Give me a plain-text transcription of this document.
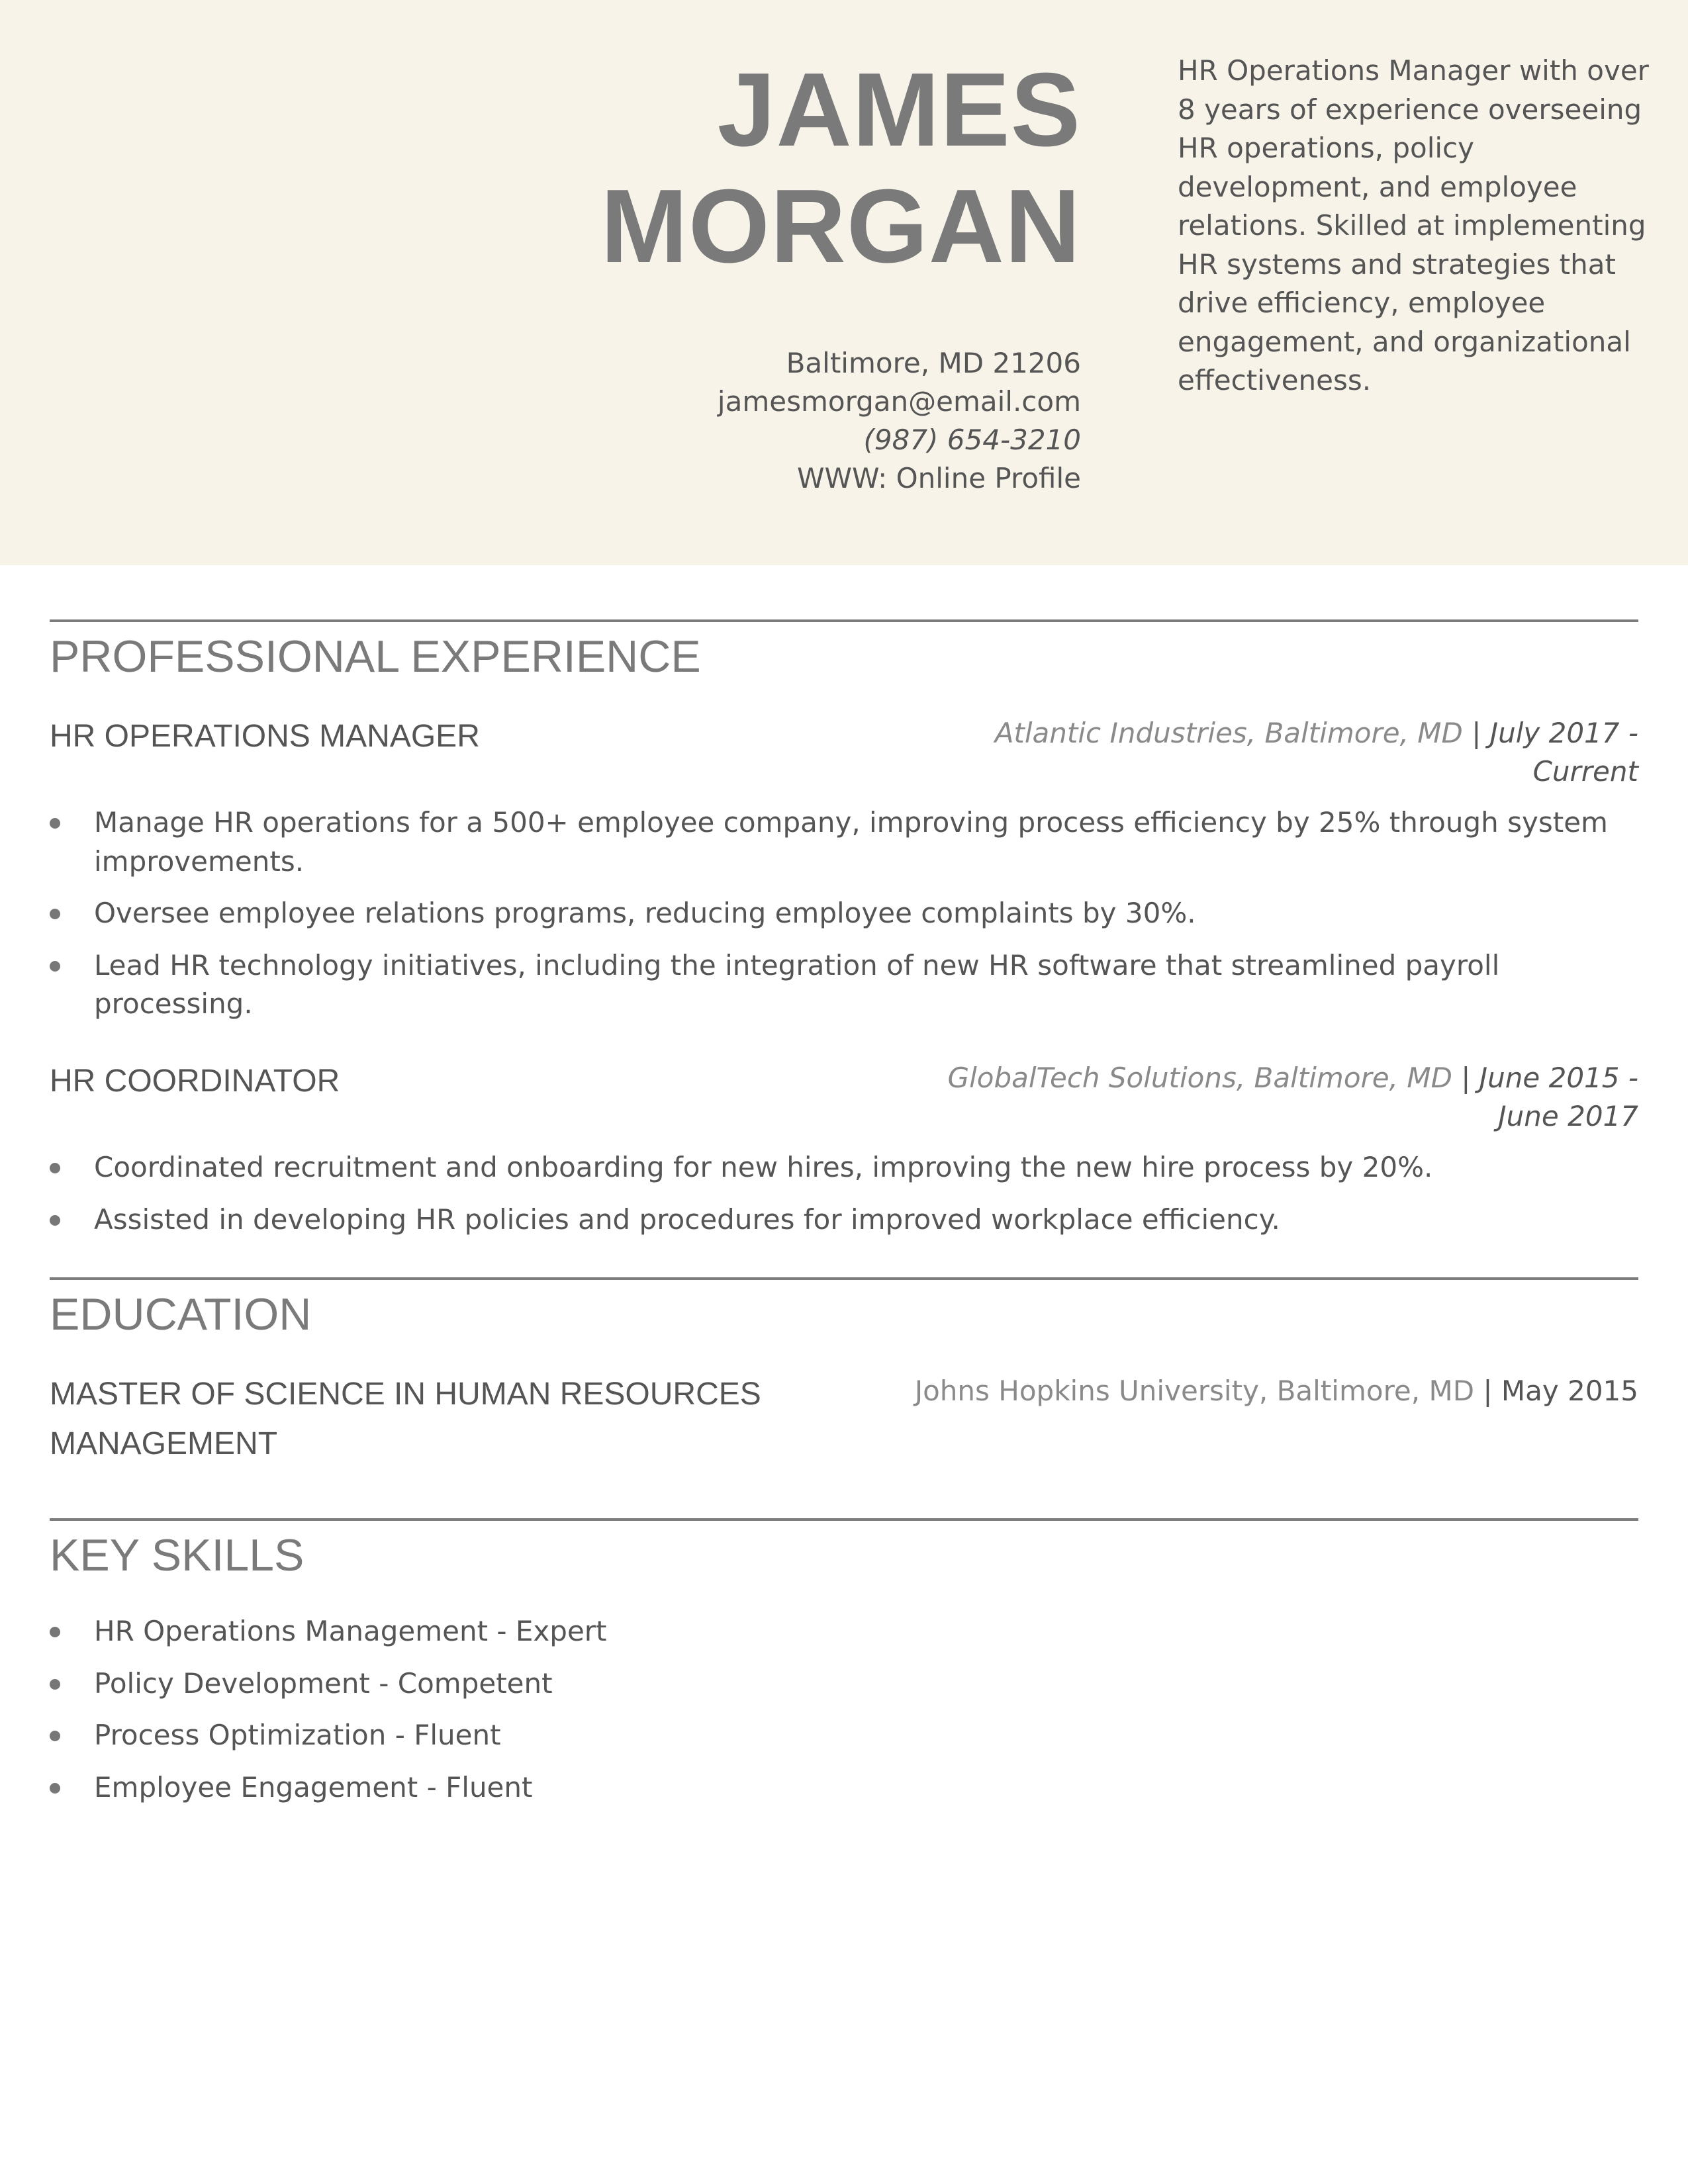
JAMES
MORGAN
Baltimore, MD 21206
jamesmorgan@email.com
(987) 654-3210
WWW: Online Profile
HR Operations Manager with over 8 years of experience overseeing HR operations, policy development, and employee relations. Skilled at implementing HR systems and strategies that drive efficiency, employee engagement, and organizational effectiveness.
PROFESSIONAL EXPERIENCE
HR OPERATIONS MANAGER	Atlantic Industries, Baltimore, MD | July 2017 -
Current
Manage HR operations for a 500+ employee company, improving process efficiency by 25% through system improvements.
Oversee employee relations programs, reducing employee complaints by 30%.
Lead HR technology initiatives, including the integration of new HR software that streamlined payroll processing.
HR COORDINATOR	GlobalTech Solutions, Baltimore, MD | June 2015 -
June 2017
Coordinated recruitment and onboarding for new hires, improving the new hire process by 20%.
Assisted in developing HR policies and procedures for improved workplace efficiency.
EDUCATION
MASTER OF SCIENCE IN HUMAN RESOURCES MANAGEMENT
Johns Hopkins University, Baltimore, MD | May 2015
KEY SKILLS
HR Operations Management - Expert
Policy Development - Competent
Process Optimization - Fluent
Employee Engagement - Fluent
